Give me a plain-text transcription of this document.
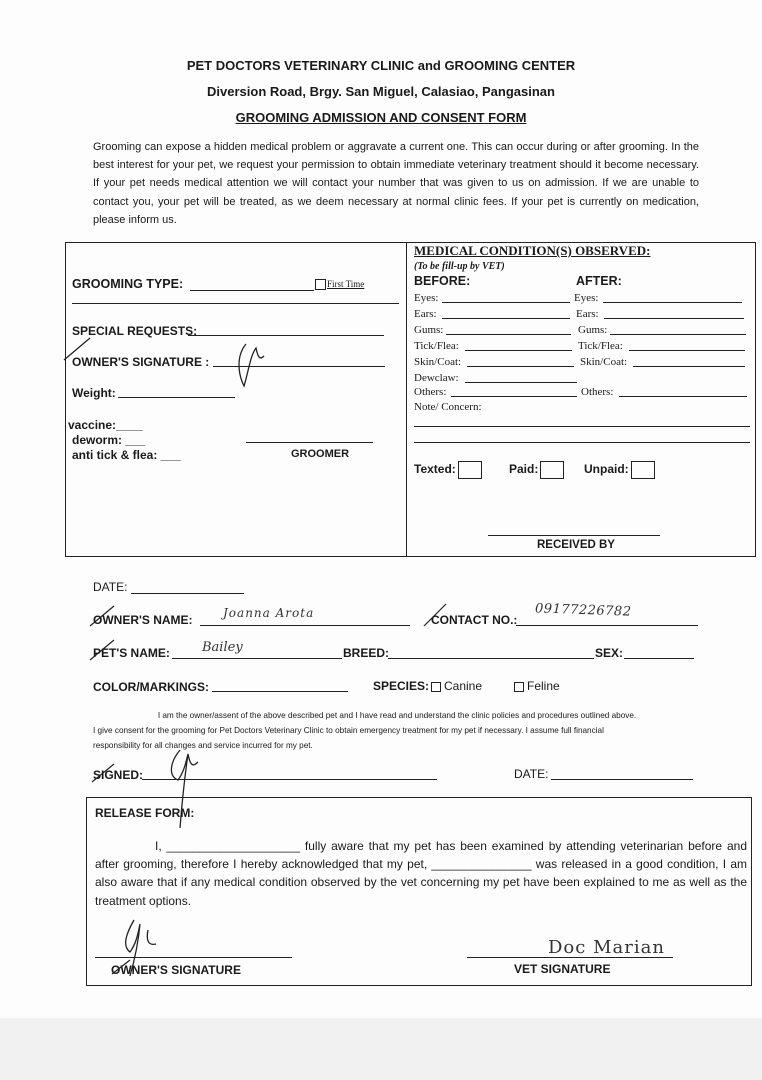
PET DOCTORS VETERINARY CLINIC and GROOMING CENTER
Diversion Road, Brgy. San Miguel, Calasiao, Pangasinan
GROOMING ADMISSION AND CONSENT FORM
Grooming can expose a hidden medical problem or aggravate a current one. This can occur during or after grooming. In the best interest for your pet, we request your permission to obtain immediate veterinary treatment should it become necessary. If your pet needs medical attention we will contact your number that was given to us on admission. If we are unable to contact you, your pet will be treated, as we deem necessary at normal clinic fees. If your pet is currently on medication, please inform us.
GROOMING TYPE:	First Time
SPECIAL REQUESTS:
OWNER'S SIGNATURE :
Weight:
vaccine:____
deworm: ___
anti tick & flea: ___	GROOMER
MEDICAL CONDITION(S) OBSERVED:
(To be fill-up by VET)
BEFORE:	AFTER:
Eyes:	Eyes:
Ears:	Ears:
Gums:	Gums:
Tick/Flea:	Tick/Flea:
Skin/Coat:	Skin/Coat:
Dewclaw:
Others:	Others:
Note/ Concern:
Texted:	Paid:	Unpaid:
RECEIVED BY
DATE:
OWNER'S NAME:	Joanna Arota	CONTACT NO.:
09177226782
PET'S NAME: Bailey	BREED:	SEX:
COLOR/MARKINGS:	SPECIES:	Canine	Feline
I am the owner/assent of the above described pet and I have read and understand the clinic policies and procedures outlined above.
I give consent for the grooming for Pet Doctors Veterinary Clinic to obtain emergency treatment for my pet if necessary. I assume full financial
responsibility for all changes and service incurred for my pet.
SIGNED:	DATE:
RELEASE FORM:
I, ____________________ fully aware that my pet has been examined by attending veterinarian before and after grooming, therefore I hereby acknowledged that my pet, _______________ was released in a good condition, I am also aware that if any medical condition observed by the vet concerning my pet have been explained to me as well as the treatment options.
OWNER'S SIGNATURE
Doc Marian
VET SIGNATURE
